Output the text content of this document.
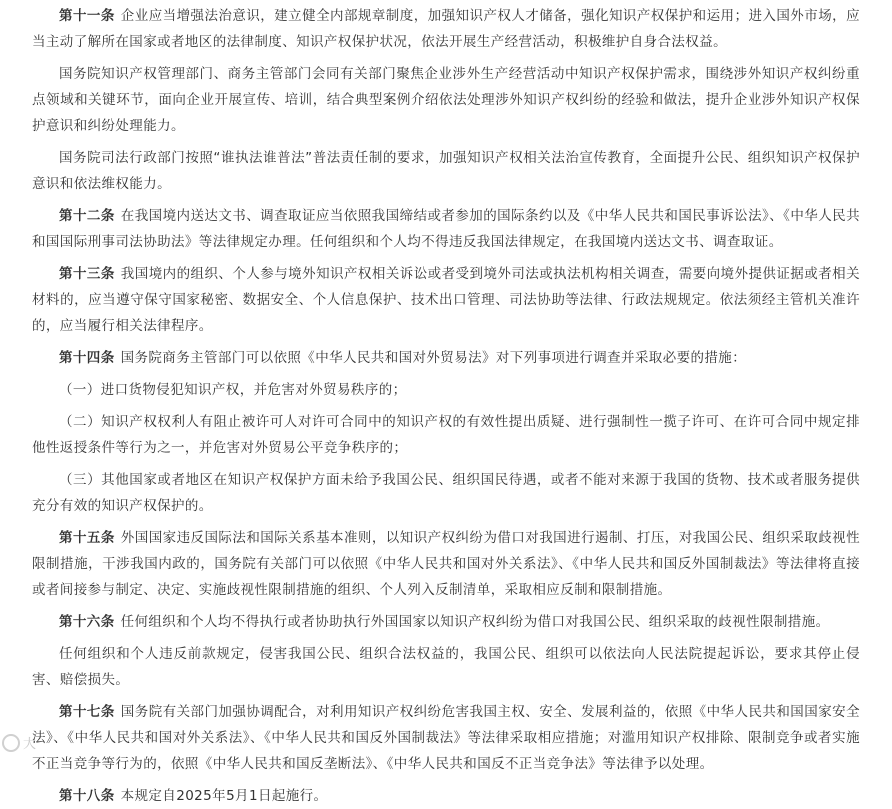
第十一条 企业应当增强法治意识，建立健全内部规章制度，加强知识产权人才储备，强化知识产权保护和运用；进入国外市场，应当主动了解所在国家或者地区的法律制度、知识产权保护状况，依法开展生产经营活动，积极维护自身合法权益。

国务院知识产权管理部门、商务主管部门会同有关部门聚焦企业涉外生产经营活动中知识产权保护需求，围绕涉外知识产权纠纷重点领域和关键环节，面向企业开展宣传、培训，结合典型案例介绍依法处理涉外知识产权纠纷的经验和做法，提升企业涉外知识产权保护意识和纠纷处理能力。

国务院司法行政部门按照“谁执法谁普法”普法责任制的要求，加强知识产权相关法治宣传教育，全面提升公民、组织知识产权保护意识和依法维权能力。

第十二条 在我国境内送达文书、调查取证应当依照我国缔结或者参加的国际条约以及《中华人民共和国民事诉讼法》、《中华人民共和国国际刑事司法协助法》等法律规定办理。任何组织和个人均不得违反我国法律规定，在我国境内送达文书、调查取证。

第十三条 我国境内的组织、个人参与境外知识产权相关诉讼或者受到境外司法或执法机构相关调查，需要向境外提供证据或者相关材料的，应当遵守保守国家秘密、数据安全、个人信息保护、技术出口管理、司法协助等法律、行政法规规定。依法须经主管机关准许的，应当履行相关法律程序。

第十四条 国务院商务主管部门可以依照《中华人民共和国对外贸易法》对下列事项进行调查并采取必要的措施：

（一）进口货物侵犯知识产权，并危害对外贸易秩序的；

（二）知识产权权利人有阻止被许可人对许可合同中的知识产权的有效性提出质疑、进行强制性一揽子许可、在许可合同中规定排他性返授条件等行为之一，并危害对外贸易公平竞争秩序的；

（三）其他国家或者地区在知识产权保护方面未给予我国公民、组织国民待遇，或者不能对来源于我国的货物、技术或者服务提供充分有效的知识产权保护的。

第十五条 外国国家违反国际法和国际关系基本准则，以知识产权纠纷为借口对我国进行遏制、打压，对我国公民、组织采取歧视性限制措施，干涉我国内政的，国务院有关部门可以依照《中华人民共和国对外关系法》、《中华人民共和国反外国制裁法》等法律将直接或者间接参与制定、决定、实施歧视性限制措施的组织、个人列入反制清单，采取相应反制和限制措施。

第十六条 任何组织和个人均不得执行或者协助执行外国国家以知识产权纠纷为借口对我国公民、组织采取的歧视性限制措施。

任何组织和个人违反前款规定，侵害我国公民、组织合法权益的，我国公民、组织可以依法向人民法院提起诉讼，要求其停止侵害、赔偿损失。

第十七条 国务院有关部门加强协调配合，对利用知识产权纠纷危害我国主权、安全、发展利益的，依照《中华人民共和国国家安全法》、《中华人民共和国对外关系法》、《中华人民共和国反外国制裁法》等法律采取相应措施；对滥用知识产权排除、限制竞争或者实施不正当竞争等行为的，依照《中华人民共和国反垄断法》、《中华人民共和国反不正当竞争法》等法律予以处理。

第十八条 本规定自2025年5月1日起施行。

大
